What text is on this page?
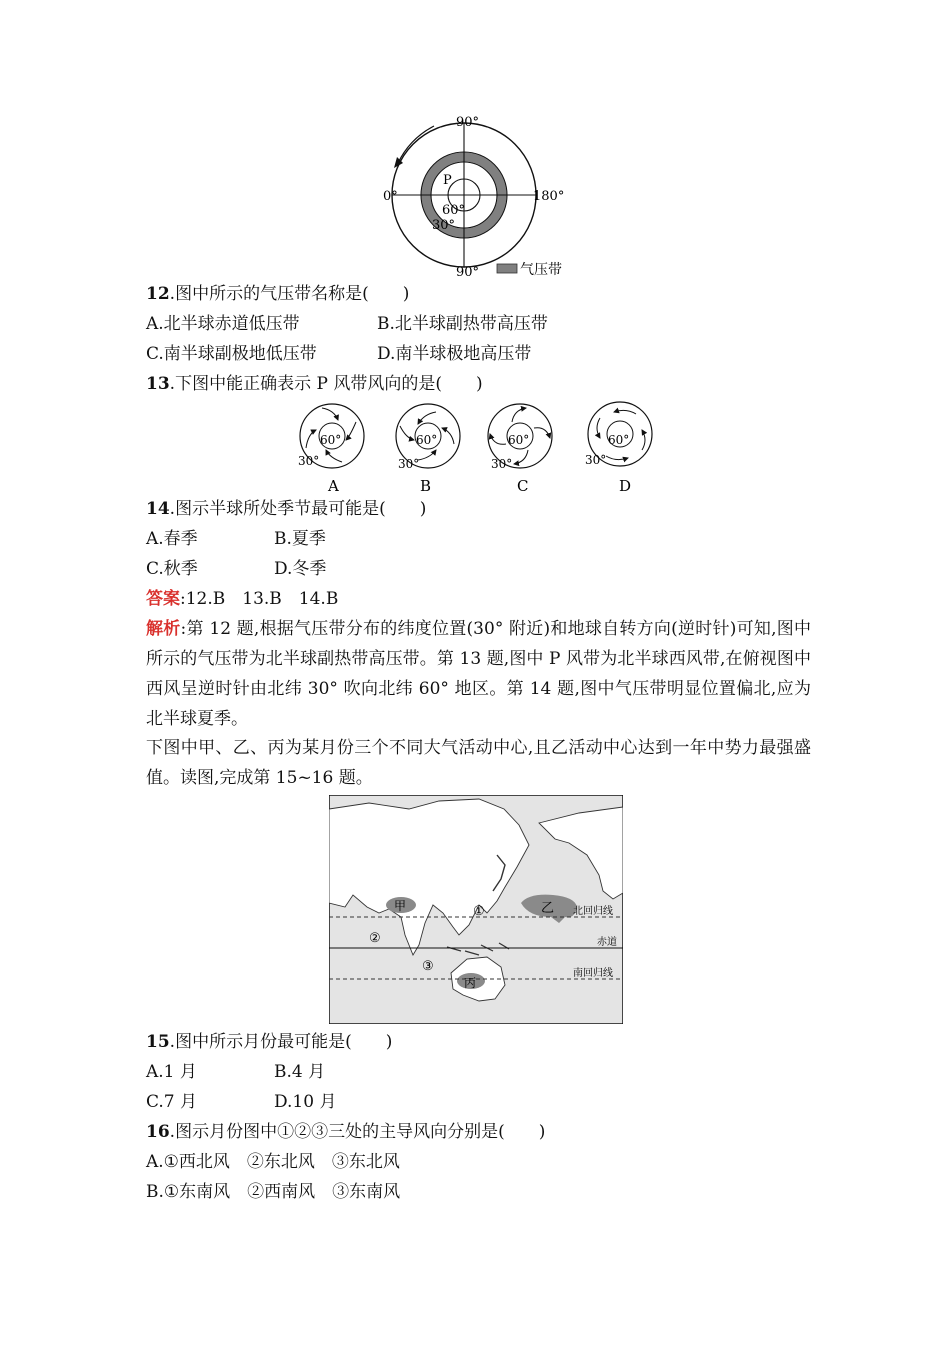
90°
90°
0°	180°
P
60°
30°
气压带
12.图中所示的气压带名称是(　　)
A.北半球赤道低压带	B.北半球副热带高压带
C.南半球副极地低压带	D.南半球极地高压带
13.下图中能正确表示 P 风带风向的是(　　)
60°
30°
A
60°
30°
B
60°
30°
C
60°
30°
D
14.图示半球所处季节最可能是(　　)
A.春季	B.夏季
C.秋季	D.冬季
答案:12.B　13.B　14.B
解析:第 12 题,根据气压带分布的纬度位置(30° 附近)和地球自转方向(逆时针)可知,图中所示的气压带为北半球副热带高压带。第 13 题,图中 P 风带为北半球西风带,在俯视图中西风呈逆时针由北纬 30° 吹向北纬 60° 地区。第 14 题,图中气压带明显位置偏北,应为北半球夏季。
下图中甲、乙、丙为某月份三个不同大气活动中心,且乙活动中心达到一年中势力最强盛值。读图,完成第 15~16 题。
甲	乙
丙
①
②
③
北回归线
赤道
南回归线
15.图中所示月份最可能是(　　)
A.1 月	B.4 月
C.7 月	D.10 月
16.图示月份图中①②③三处的主导风向分别是(　　)
A.①西北风　②东北风　③东北风
B.①东南风　②西南风　③东南风
